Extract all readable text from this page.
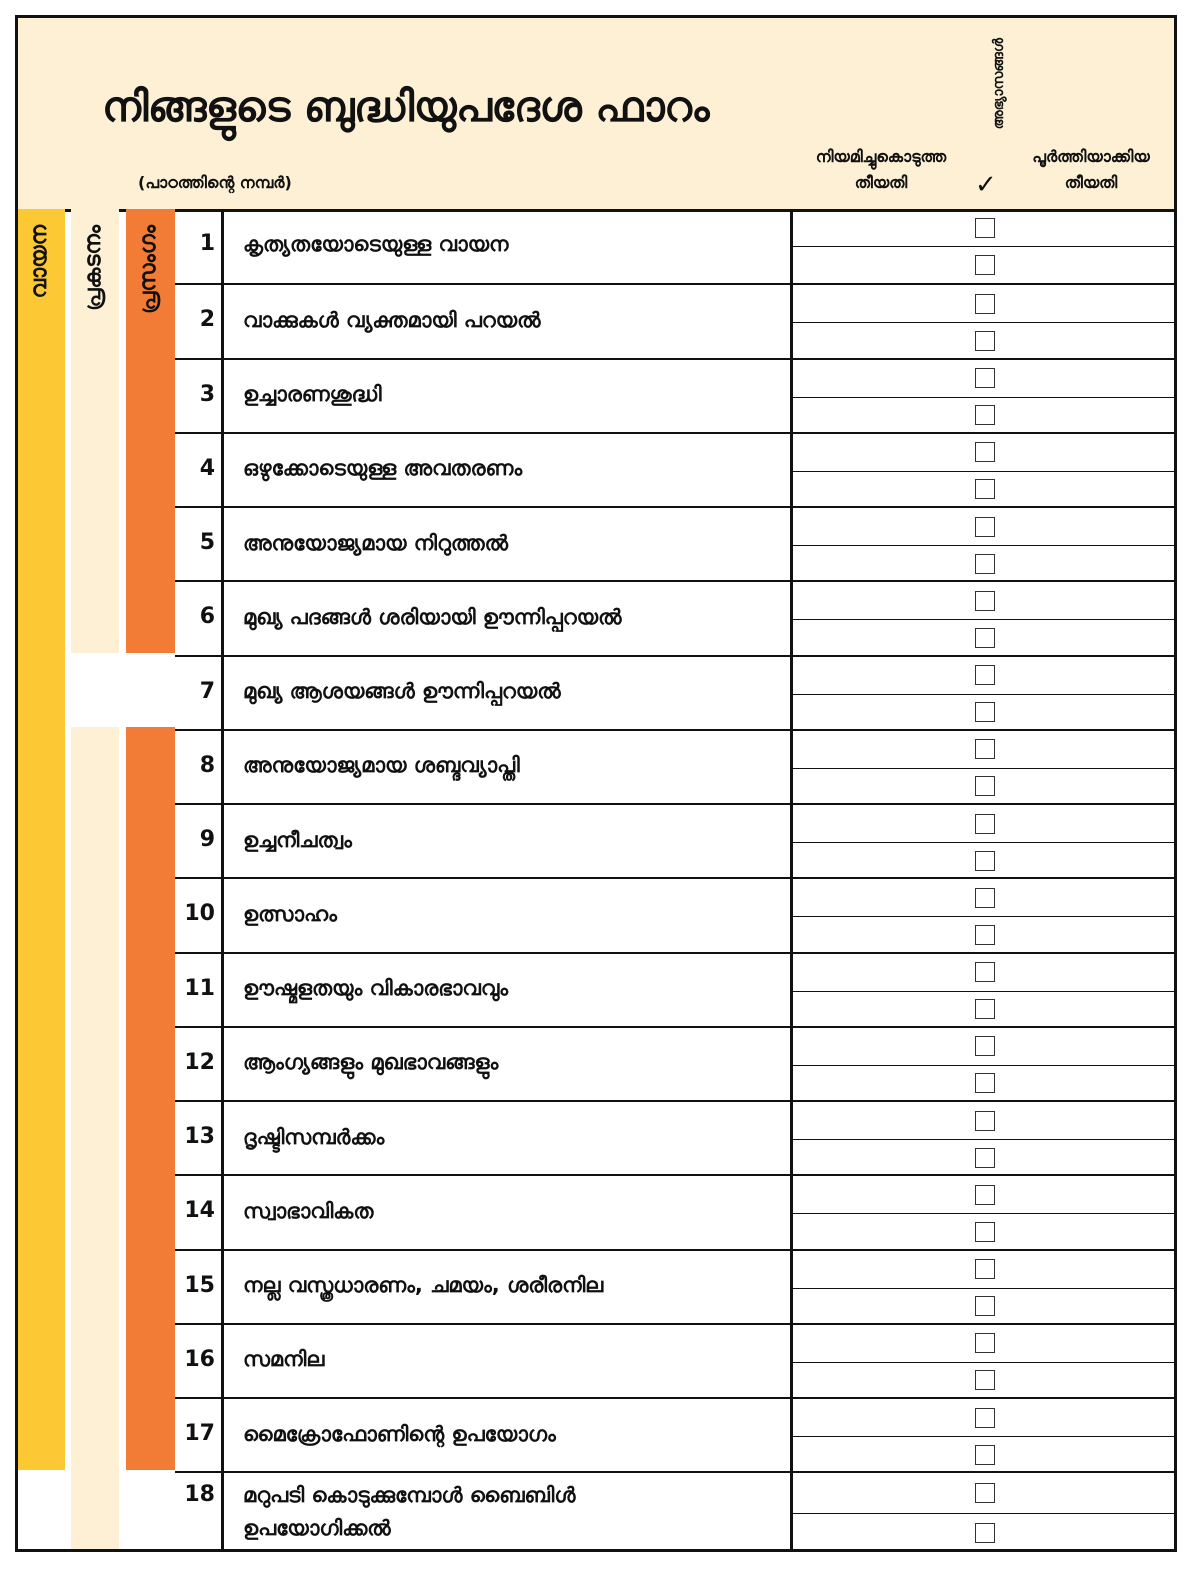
നിങ്ങളുടെ ബുദ്ധിയുപദേശ ഫാറം
(പാഠത്തിന്റെ നമ്പർ)
നിയമിച്ചുകൊടുത്ത
തീയതി
അഭ്യാസങ്ങൾ
✓
പൂർത്തിയാക്കിയ
തീയതി
വായന പ്രകടനം പ്രസംഗം	1	കൃത്യതയോടെയുള്ള വായന
2	വാക്കുകൾ വ്യക്തമായി പറയൽ
3	ഉച്ചാരണശുദ്ധി
4	ഒഴുക്കോടെയുള്ള അവതരണം
5	അനുയോജ്യമായ നിറുത്തൽ
6	മുഖ്യ പദങ്ങൾ ശരിയായി ഊന്നിപ്പറയൽ
7	മുഖ്യ ആശയങ്ങൾ ഊന്നിപ്പറയൽ
8	അനുയോജ്യമായ ശബ്ദവ്യാപ്തി
9	ഉച്ചനീചത്വം
10	ഉത്സാഹം
11	ഊഷ്മളതയും വികാരഭാവവും
12	ആംഗ്യങ്ങളും മുഖഭാവങ്ങളും
13	ദൃഷ്ടിസമ്പർക്കം
14	സ്വാഭാവികത
15	നല്ല വസ്ത്രധാരണം, ചമയം, ശരീരനില
16	സമനില
17	മൈക്രോഫോണിന്റെ ഉപയോഗം
18	മറുപടി കൊടുക്കുമ്പോൾ ബൈബിൾ
ഉപയോഗിക്കൽ
